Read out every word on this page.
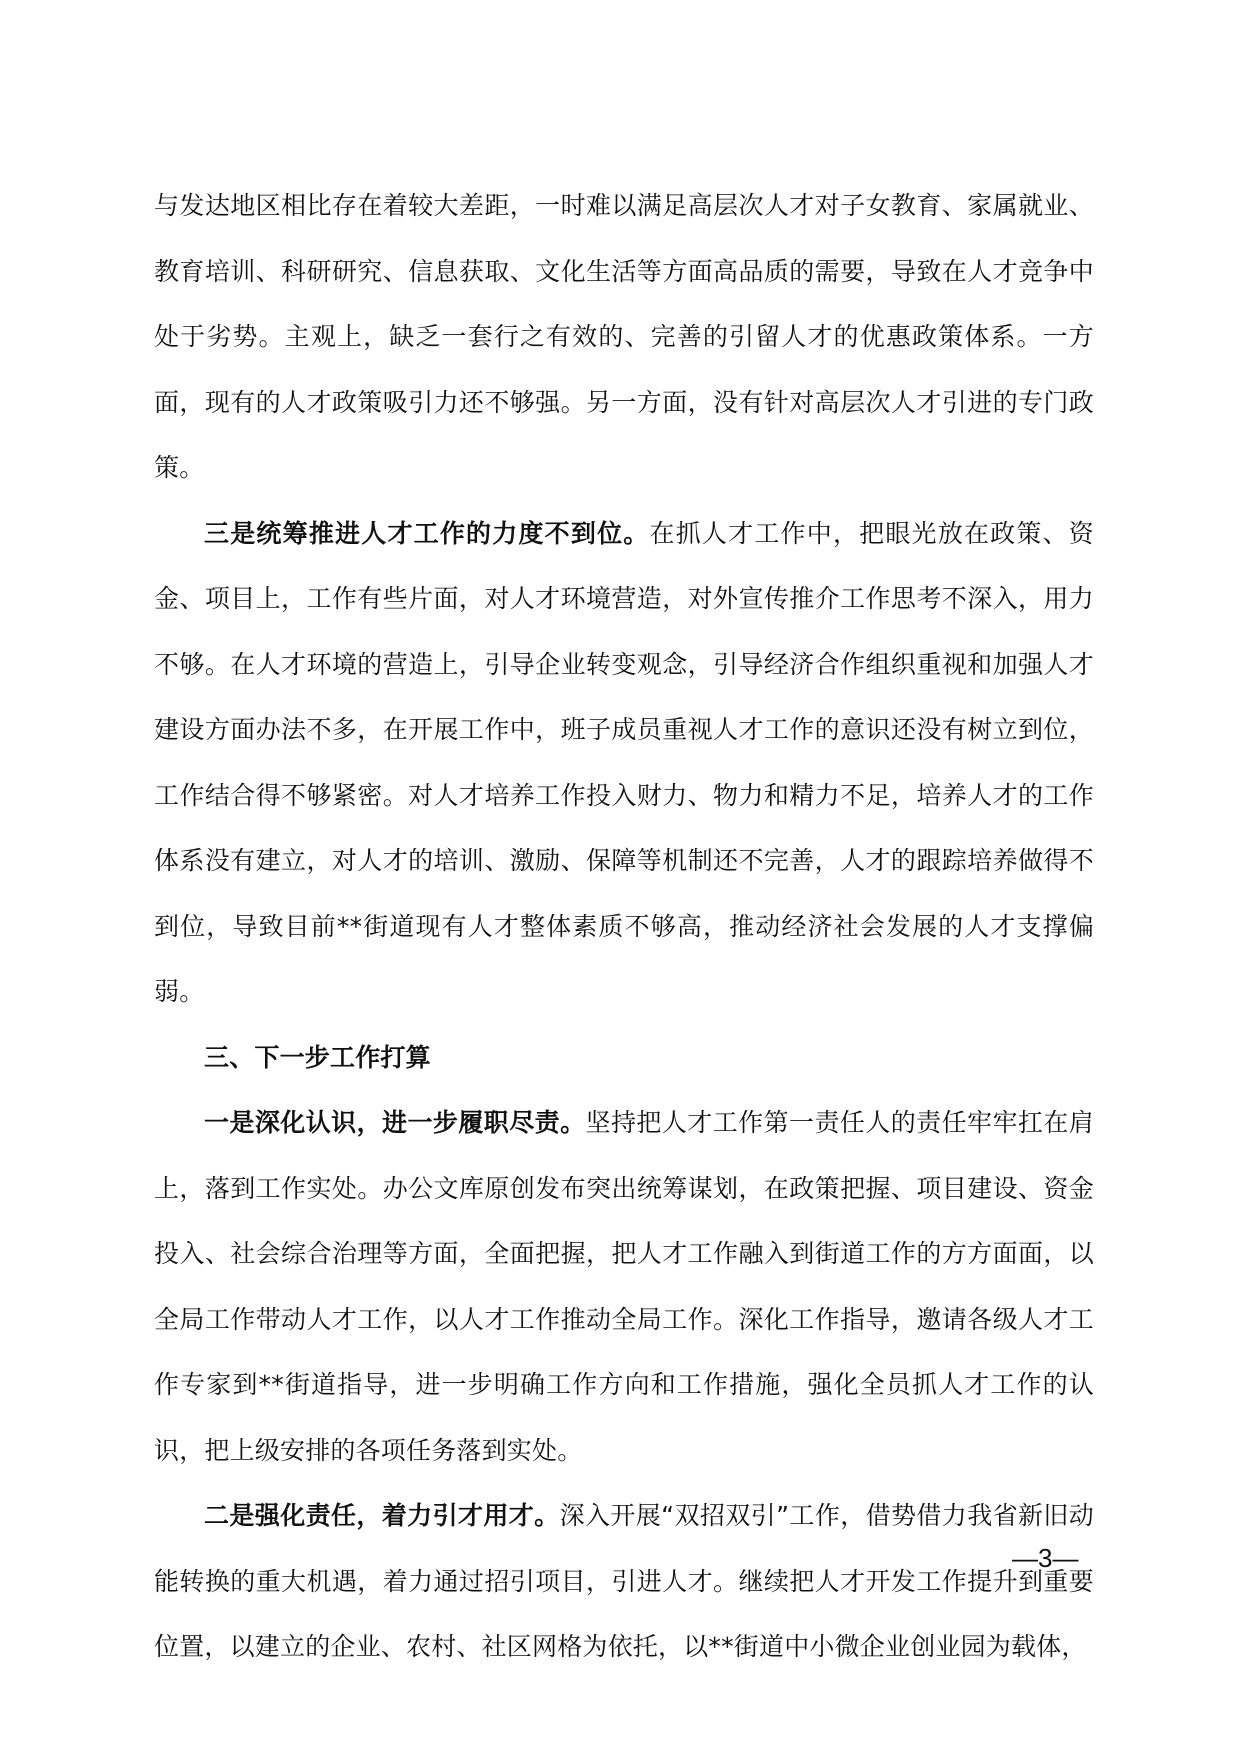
与发达地区相比存在着较大差距，一时难以满足高层次人才对子女教育、家属就业、教育培训、科研研究、信息获取、文化生活等方面高品质的需要，导致在人才竞争中处于劣势。主观上，缺乏一套行之有效的、完善的引留人才的优惠政策体系。一方面，现有的人才政策吸引力还不够强。另一方面，没有针对高层次人才引进的专门政策。

三是统筹推进人才工作的力度不到位。在抓人才工作中，把眼光放在政策、资金、项目上，工作有些片面，对人才环境营造，对外宣传推介工作思考不深入，用力不够。在人才环境的营造上，引导企业转变观念，引导经济合作组织重视和加强人才建设方面办法不多，在开展工作中，班子成员重视人才工作的意识还没有树立到位，工作结合得不够紧密。对人才培养工作投入财力、物力和精力不足，培养人才的工作体系没有建立，对人才的培训、激励、保障等机制还不完善，人才的跟踪培养做得不到位，导致目前**街道现有人才整体素质不够高，推动经济社会发展的人才支撑偏弱。

三、下一步工作打算

一是深化认识，进一步履职尽责。坚持把人才工作第一责任人的责任牢牢扛在肩上，落到工作实处。办公文库原创发布突出统筹谋划，在政策把握、项目建设、资金投入、社会综合治理等方面，全面把握，把人才工作融入到街道工作的方方面面，以全局工作带动人才工作，以人才工作推动全局工作。深化工作指导，邀请各级人才工作专家到**街道指导，进一步明确工作方向和工作措施，强化全员抓人才工作的认识，把上级安排的各项任务落到实处。

二是强化责任，着力引才用才。深入开展“双招双引”工作，借势借力我省新旧动能转换的重大机遇，着力通过招引项目，引进人才。继续把人才开发工作提升到重要位置，以建立的企业、农村、社区网格为依托，以**街道中小微企业创业园为载体，

—3—
